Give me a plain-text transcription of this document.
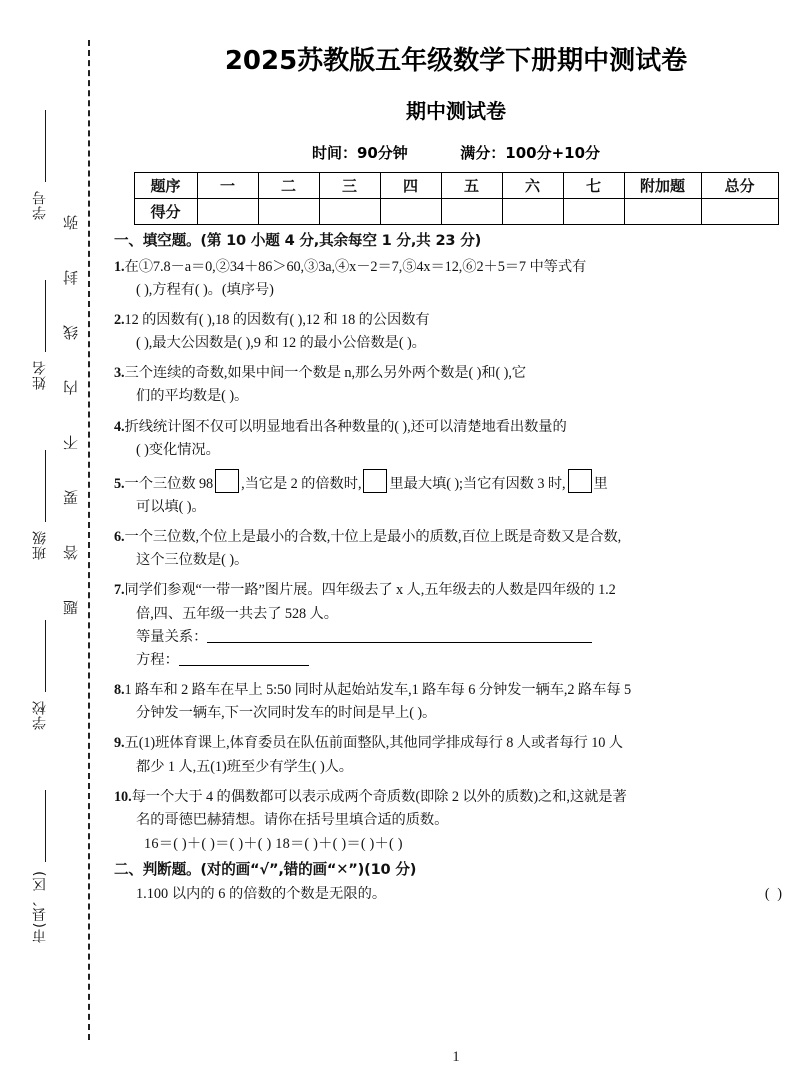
学号
姓名
班级
学校
市(县、区)
弥
封
线
内
不
要
答
题
2025苏教版五年级数学下册期中测试卷
期中测试卷
时间：90分钟	满分：100分+10分
题序	一	二	三	四	五	六	七	附加题	总分
得分									
一、填空题。(第 10 小题 4 分,其余每空 1 分,共 23 分)
1.在①7.8－a＝0,②34＋86＞60,③3a,④x－2＝7,⑤4x＝12,⑥2＋5＝7 中等式有
( ),方程有( )。(填序号)
2.12 的因数有( ),18 的因数有( ),12 和 18 的公因数有
( ),最大公因数是( ),9 和 12 的最小公倍数是( )。
3.三个连续的奇数,如果中间一个数是 n,那么另外两个数是( )和( ),它
们的平均数是( )。
4.折线统计图不仅可以明显地看出各种数量的( ),还可以清楚地看出数量的
( )变化情况。
5.一个三位数 98 ,当它是 2 的倍数时, 里最大填( );当它有因数 3 时, 里
可以填( )。
6.一个三位数,个位上是最小的合数,十位上是最小的质数,百位上既是奇数又是合数,
这个三位数是( )。
7.同学们参观“一带一路”图片展。四年级去了 x 人,五年级去的人数是四年级的 1.2
倍,四、五年级一共去了 528 人。
等量关系：
方程：
8.1 路车和 2 路车在早上 5:50 同时从起始站发车,1 路车每 6 分钟发一辆车,2 路车每 5
分钟发一辆车,下一次同时发车的时间是早上( )。
9.五(1)班体育课上,体育委员在队伍前面整队,其他同学排成每行 8 人或者每行 10 人
都少 1 人,五(1)班至少有学生( )人。
10.每一个大于 4 的偶数都可以表示成两个奇质数(即除 2 以外的质数)之和,这就是著
名的哥德巴赫猜想。请你在括号里填合适的质数。
16＝( )＋( )＝( )＋( ) 18＝( )＋( )＝( )＋( )
二、判断题。(对的画“√”,错的画“✕”)(10 分)
1.100 以内的 6 的倍数的个数是无限的。	( )
1
